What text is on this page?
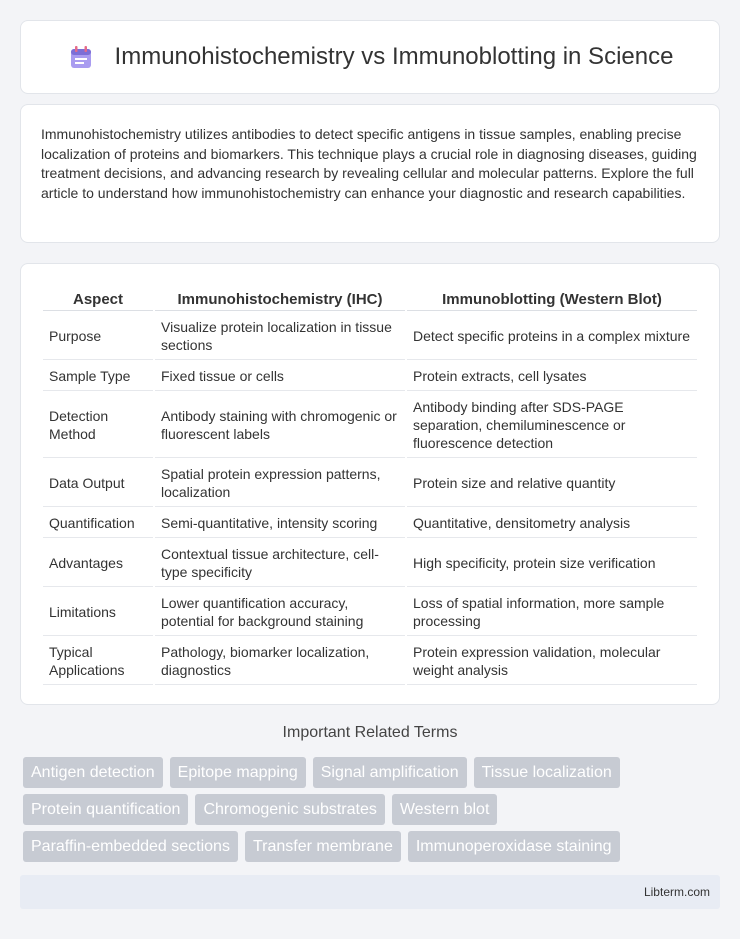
Immunohistochemistry vs Immunoblotting in Science

Immunohistochemistry utilizes antibodies to detect specific antigens in tissue samples, enabling precise localization of proteins and biomarkers. This technique plays a crucial role in diagnosing diseases, guiding treatment decisions, and advancing research by revealing cellular and molecular patterns. Explore the full article to understand how immunohistochemistry can enhance your diagnostic and research capabilities.

Aspect	Immunohistochemistry (IHC)	Immunoblotting (Western Blot)
Purpose	Visualize protein localization in tissue sections	Detect specific proteins in a complex mixture
Sample Type	Fixed tissue or cells	Protein extracts, cell lysates
Detection Method	Antibody staining with chromogenic or fluorescent labels	Antibody binding after SDS-PAGE separation, chemiluminescence or fluorescence detection
Data Output	Spatial protein expression patterns, localization	Protein size and relative quantity
Quantification	Semi-quantitative, intensity scoring	Quantitative, densitometry analysis
Advantages	Contextual tissue architecture, cell-type specificity	High specificity, protein size verification
Limitations	Lower quantification accuracy, potential for background staining	Loss of spatial information, more sample processing
Typical Applications	Pathology, biomarker localization, diagnostics	Protein expression validation, molecular weight analysis
Important Related Terms
Antigen detection	Epitope mapping	Signal amplification	Tissue localization
Protein quantification	Chromogenic substrates	Western blot
Paraffin-embedded sections	Transfer membrane	Immunoperoxidase staining
Libterm.com
